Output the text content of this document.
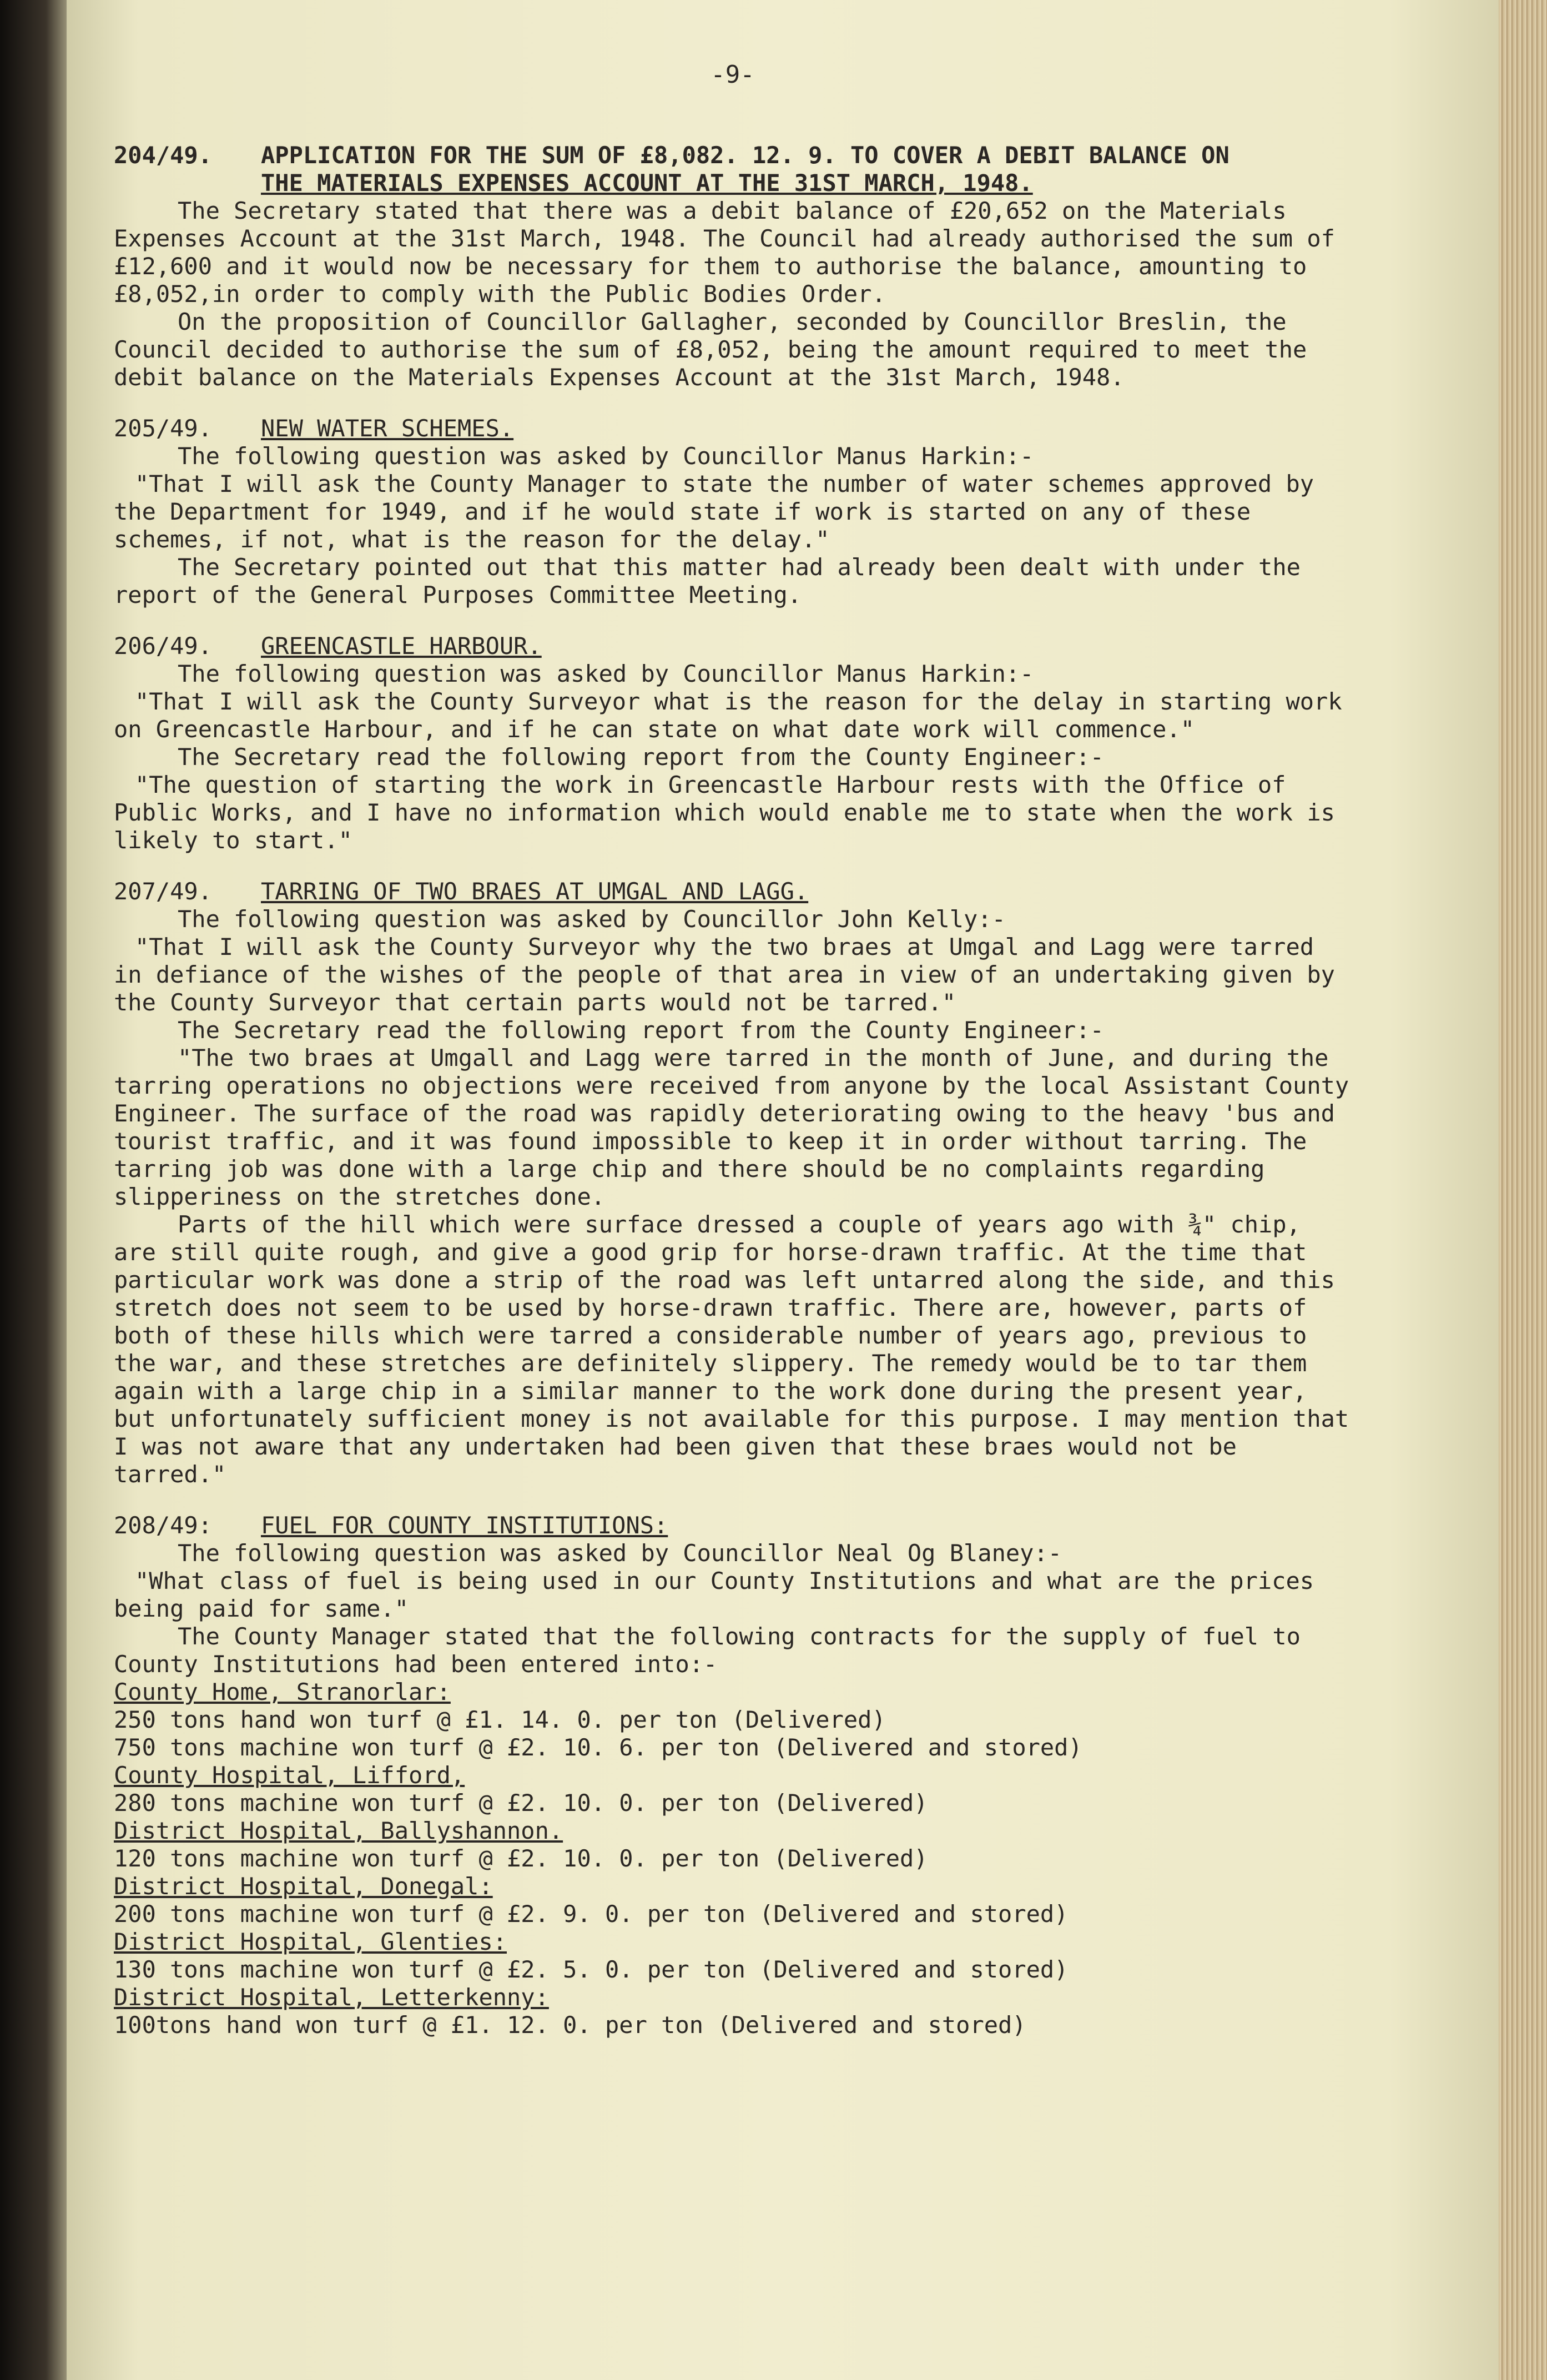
-9-
204/49.	APPLICATION FOR THE SUM OF £8,082. 12. 9. TO COVER A DEBIT BALANCE ON
THE MATERIALS EXPENSES ACCOUNT AT THE 31ST MARCH, 1948.

The Secretary stated that there was a debit balance of £20,652 on the Materials Expenses Account at the 31st March, 1948. The Council had already authorised the sum of £12,600 and it would now be necessary for them to authorise the balance, amounting to £8,052,in order to comply with the Public Bodies Order.

On the proposition of Councillor Gallagher, seconded by Councillor Breslin, the Council decided to authorise the sum of £8,052, being the amount required to meet the debit balance on the Materials Expenses Account at the 31st March, 1948.

205/49.	NEW WATER SCHEMES.

The following question was asked by Councillor Manus Harkin:-

"That I will ask the County Manager to state the number of water schemes approved by the Department for 1949, and if he would state if work is started on any of these schemes, if not, what is the reason for the delay."

The Secretary pointed out that this matter had already been dealt with under the report of the General Purposes Committee Meeting.

206/49.	GREENCASTLE HARBOUR.

The following question was asked by Councillor Manus Harkin:-

"That I will ask the County Surveyor what is the reason for the delay in starting work on Greencastle Harbour, and if he can state on what date work will commence."

The Secretary read the following report from the County Engineer:-

"The question of starting the work in Greencastle Harbour rests with the Office of Public Works, and I have no information which would enable me to state when the work is likely to start."

207/49.	TARRING OF TWO BRAES AT UMGAL AND LAGG.

The following question was asked by Councillor John Kelly:-

"That I will ask the County Surveyor why the two braes at Umgal and Lagg were tarred in defiance of the wishes of the people of that area in view of an undertaking given by the County Surveyor that certain parts would not be tarred."

The Secretary read the following report from the County Engineer:-

"The two braes at Umgall and Lagg were tarred in the month of June, and during the tarring operations no objections were received from anyone by the local Assistant County Engineer. The surface of the road was rapidly deteriorating owing to the heavy 'bus and tourist traffic, and it was found impossible to keep it in order without tarring. The tarring job was done with a large chip and there should be no complaints regarding slipperiness on the stretches done.

Parts of the hill which were surface dressed a couple of years ago with ¾" chip, are still quite rough, and give a good grip for horse-drawn traffic. At the time that particular work was done a strip of the road was left untarred along the side, and this stretch does not seem to be used by horse-drawn traffic. There are, however, parts of both of these hills which were tarred a considerable number of years ago, previous to the war, and these stretches are definitely slippery. The remedy would be to tar them again with a large chip in a similar manner to the work done during the present year, but unfortunately sufficient money is not available for this purpose. I may mention that I was not aware that any undertaken had been given that these braes would not be tarred."

208/49:	FUEL FOR COUNTY INSTITUTIONS:

The following question was asked by Councillor Neal Og Blaney:-

"What class of fuel is being used in our County Institutions and what are the prices being paid for same."

The County Manager stated that the following contracts for the supply of fuel to County Institutions had been entered into:-

County Home, Stranorlar:
250 tons hand won turf @ £1. 14. 0. per ton (Delivered)
750 tons machine won turf @ £2. 10. 6. per ton (Delivered and stored)
County Hospital, Lifford,
280 tons machine won turf @ £2. 10. 0. per ton (Delivered)
District Hospital, Ballyshannon.
120 tons machine won turf @ £2. 10. 0. per ton (Delivered)
District Hospital, Donegal:
200 tons machine won turf @ £2. 9. 0. per ton (Delivered and stored)
District Hospital, Glenties:
130 tons machine won turf @ £2. 5. 0. per ton (Delivered and stored)
District Hospital, Letterkenny:
100tons hand won turf @ £1. 12. 0. per ton (Delivered and stored)
